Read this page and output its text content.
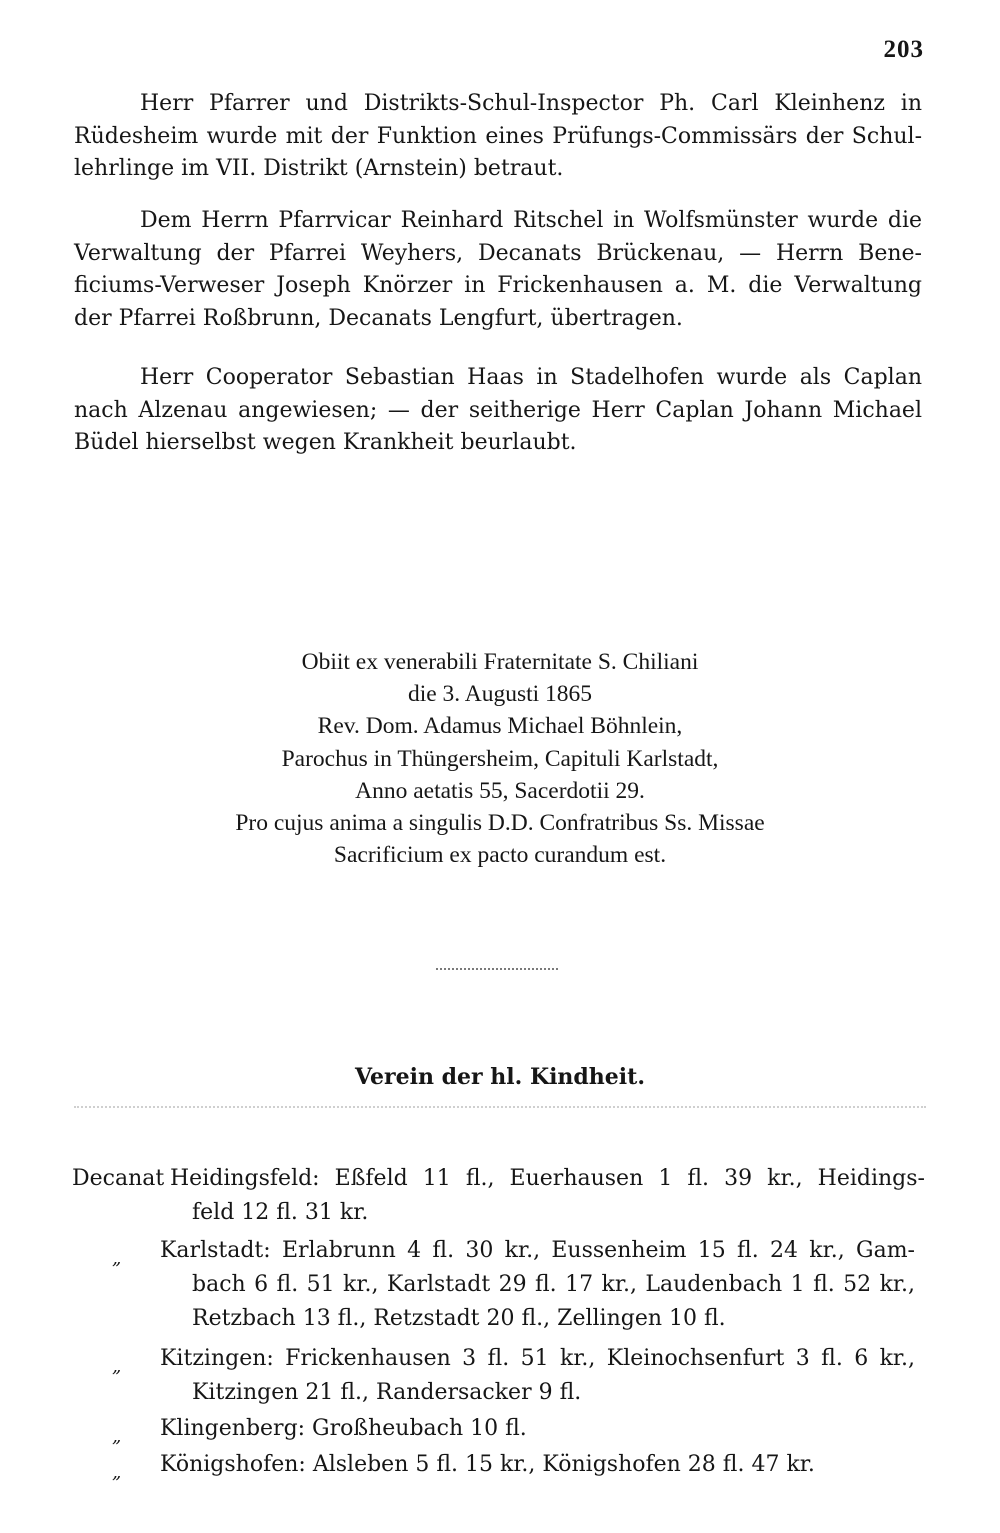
203
Herr Pfarrer und Distrikts-Schul-Inspector Ph. Carl Kleinhenz in
Rüdesheim wurde mit der Funktion eines Prüfungs-Commissärs der Schul-
lehrlinge im VII. Distrikt (Arnstein) betraut.
Dem Herrn Pfarrvicar Reinhard Ritschel in Wolfsmünster wurde die
Verwaltung der Pfarrei Weyhers, Decanats Brückenau, — Herrn Bene-
ficiums-Verweser Joseph Knörzer in Frickenhausen a. M. die Verwaltung
der Pfarrei Roßbrunn, Decanats Lengfurt, übertragen.
Herr Cooperator Sebastian Haas in Stadelhofen wurde als Caplan
nach Alzenau angewiesen; — der seitherige Herr Caplan Johann Michael
Büdel hierselbst wegen Krankheit beurlaubt.
Obiit ex venerabili Fraternitate S. Chiliani
die 3. Augusti 1865
Rev. Dom. Adamus Michael Böhnlein,
Parochus in Thüngersheim, Capituli Karlstadt,
Anno aetatis 55, Sacerdotii 29.
Pro cujus anima a singulis D.D. Confratribus Ss. Missae
Sacrificium ex pacto curandum est.
Verein der hl. Kindheit.
Decanat Heidingsfeld: Eßfeld 11 fl., Euerhausen 1 fl. 39 kr., Heidings-
feld 12 fl. 31 kr.
„ Karlstadt: Erlabrunn 4 fl. 30 kr., Eussenheim 15 fl. 24 kr., Gam-
bach 6 fl. 51 kr., Karlstadt 29 fl. 17 kr., Laudenbach 1 fl. 52 kr.,
Retzbach 13 fl., Retzstadt 20 fl., Zellingen 10 fl.
„ Kitzingen: Frickenhausen 3 fl. 51 kr., Kleinochsenfurt 3 fl. 6 kr.,
Kitzingen 21 fl., Randersacker 9 fl.
„ Klingenberg: Großheubach 10 fl.
„ Königshofen: Alsleben 5 fl. 15 kr., Königshofen 28 fl. 47 kr.
